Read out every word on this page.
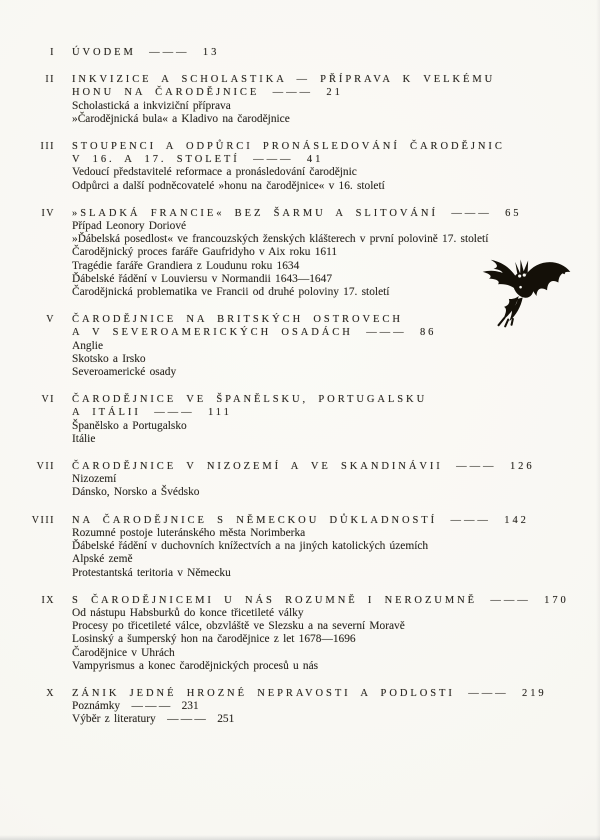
I ÚVODEM ——— 13
II INKVIZICE A SCHOLASTIKA — PŘÍPRAVA K VELKÉMU
HONU NA ČARODĚJNICE ——— 21
Scholastická a inkviziční příprava
»Čarodějnická bula« a Kladivo na čarodějnice
III STOUPENCI A ODPŮRCI PRONÁSLEDOVÁNÍ ČARODĚJNIC
V 16. A 17. STOLETÍ ——— 41
Vedoucí představitelé reformace a pronásledování čarodějnic
Odpůrci a další podněcovatelé »honu na čarodějnice« v 16. století
IV »SLADKÁ FRANCIE« BEZ ŠARMU A SLITOVÁNÍ ——— 65
Případ Leonory Doriové
»Ďábelská posedlost« ve francouzských ženských klášterech v první polovině 17. století
Čarodějnický proces faráře Gaufridyho v Aix roku 1611
Tragédie faráře Grandiera z Loudunu roku 1634
Ďábelské řádění v Louviersu v Normandii 1643—1647
Čarodějnická problematika ve Francii od druhé poloviny 17. století
V ČARODĚJNICE NA BRITSKÝCH OSTROVECH
A V SEVEROAMERICKÝCH OSADÁCH ——— 86
Anglie
Skotsko a Irsko
Severoamerické osady
VI ČARODĚJNICE VE ŠPANĚLSKU, PORTUGALSKU
A ITÁLII ——— 111
Španělsko a Portugalsko
Itálie
VII ČARODĚJNICE V NIZOZEMÍ A VE SKANDINÁVII ——— 126
Nizozemí
Dánsko, Norsko a Švédsko
VIII NA ČARODĚJNICE S NĚMECKOU DŮKLADNOSTÍ ——— 142
Rozumné postoje luteránského města Norimberka
Ďábelské řádění v duchovních knížectvích a na jiných katolických územích
Alpské země
Protestantská teritoria v Německu
IX S ČARODĚJNICEMI U NÁS ROZUMNĚ I NEROZUMNĚ ——— 170
Od nástupu Habsburků do konce třicetileté války
Procesy po třicetileté válce, obzvláště ve Slezsku a na severní Moravě
Losinský a šumperský hon na čarodějnice z let 1678—1696
Čarodějnice v Uhrách
Vampyrismus a konec čarodějnických procesů u nás
X ZÁNIK JEDNÉ HROZNÉ NEPRAVOSTI A PODLOSTI ——— 219
Poznámky — — — 231
Výběr z literatury — — — 251
